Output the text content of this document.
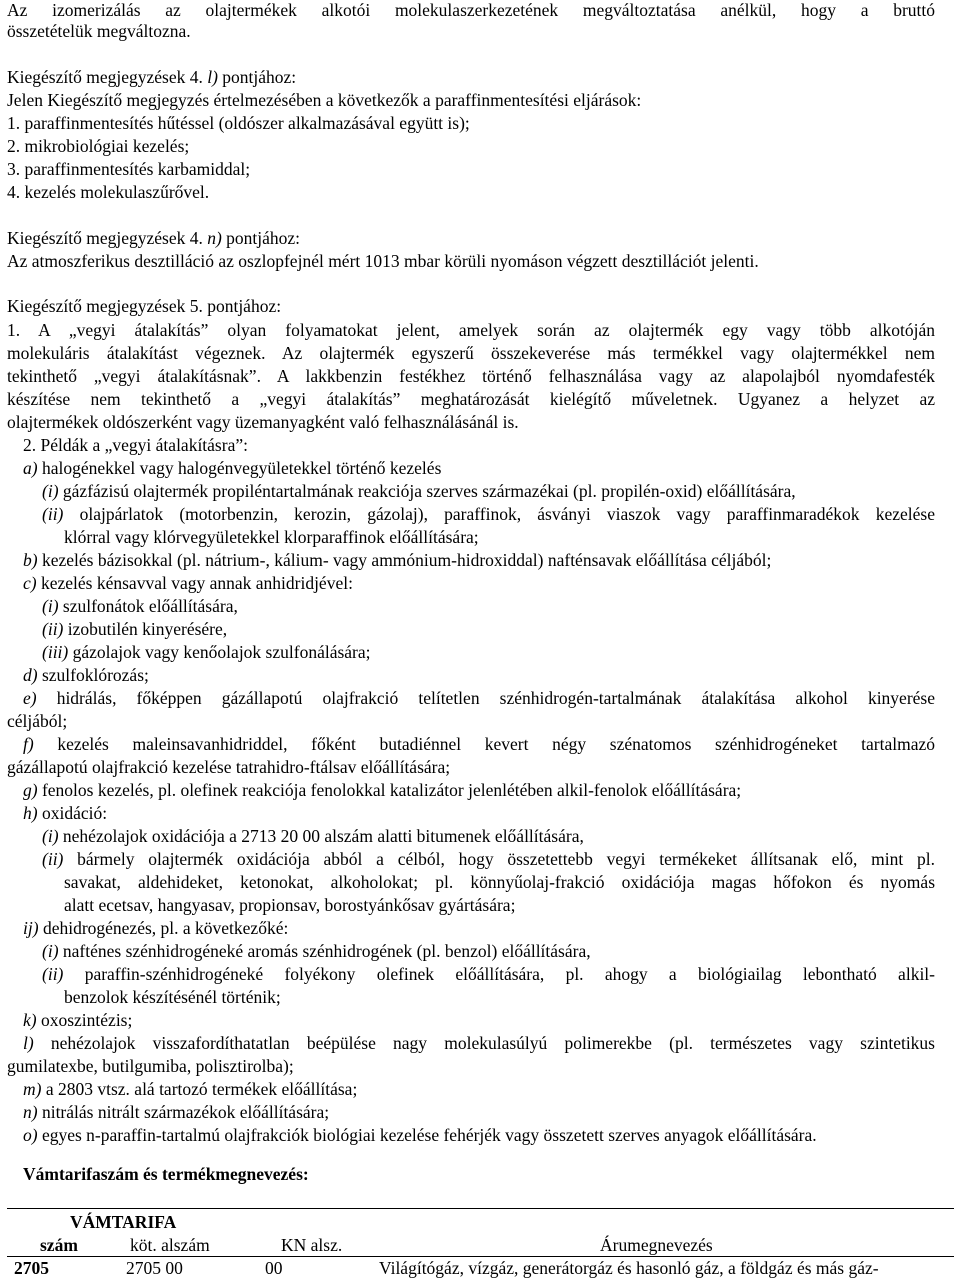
Az izomerizálás az olajtermékek alkotói molekulaszerkezetének megváltoztatása anélkül, hogy a bruttó
összetételük megváltozna.
Kiegészítő megjegyzések 4. l) pontjához:
Jelen Kiegészítő megjegyzés értelmezésében a következők a paraffinmentesítési eljárások:
1. paraffinmentesítés hűtéssel (oldószer alkalmazásával együtt is);
2. mikrobiológiai kezelés;
3. paraffinmentesítés karbamiddal;
4. kezelés molekulaszűrővel.
Kiegészítő megjegyzések 4. n) pontjához:
Az atmoszferikus desztilláció az oszlopfejnél mért 1013 mbar körüli nyomáson végzett desztillációt jelenti.
Kiegészítő megjegyzések 5. pontjához:
1. A „vegyi átalakítás” olyan folyamatokat jelent, amelyek során az olajtermék egy vagy több alkotóján
molekuláris átalakítást végeznek. Az olajtermék egyszerű összekeverése más termékkel vagy olajtermékkel nem
tekinthető „vegyi átalakításnak”. A lakkbenzin festékhez történő felhasználása vagy az alapolajból nyomdafesték
készítése nem tekinthető a „vegyi átalakítás” meghatározását kielégítő műveletnek. Ugyanez a helyzet az
olajtermékek oldószerként vagy üzemanyagként való felhasználásánál is.
2. Példák a „vegyi átalakításra”:
a) halogénekkel vagy halogénvegyületekkel történő kezelés
(i) gázfázisú olajtermék propiléntartalmának reakciója szerves származékai (pl. propilén-oxid) előállítására,
(ii) olajpárlatok (motorbenzin, kerozin, gázolaj), paraffinok, ásványi viaszok vagy paraffinmaradékok kezelése
klórral vagy klórvegyületekkel klorparaffinok előállítására;
b) kezelés bázisokkal (pl. nátrium-, kálium- vagy ammónium-hidroxiddal) nafténsavak előállítása céljából;
c) kezelés kénsavval vagy annak anhidridjével:
(i) szulfonátok előállítására,
(ii) izobutilén kinyerésére,
(iii) gázolajok vagy kenőolajok szulfonálására;
d) szulfoklórozás;
e) hidrálás, főképpen gázállapotú olajfrakció telítetlen szénhidrogén-tartalmának átalakítása alkohol kinyerése
céljából;
f) kezelés maleinsavanhidriddel, főként butadiénnel kevert négy szénatomos szénhidrogéneket tartalmazó
gázállapotú olajfrakció kezelése tatrahidro-ftálsav előállítására;
g) fenolos kezelés, pl. olefinek reakciója fenolokkal katalizátor jelenlétében alkil-fenolok előállítására;
h) oxidáció:
(i) nehézolajok oxidációja a 2713 20 00 alszám alatti bitumenek előállítására,
(ii) bármely olajtermék oxidációja abból a célból, hogy összetettebb vegyi termékeket állítsanak elő, mint pl.
savakat, aldehideket, ketonokat, alkoholokat; pl. könnyűolaj-frakció oxidációja magas hőfokon és nyomás
alatt ecetsav, hangyasav, propionsav, borostyánkősav gyártására;
ij) dehidrogénezés, pl. a következőké:
(i) nafténes szénhidrogéneké aromás szénhidrogének (pl. benzol) előállítására,
(ii) paraffin-szénhidrogéneké folyékony olefinek előállítására, pl. ahogy a biológiailag lebontható alkil-
benzolok készítésénél történik;
k) oxoszintézis;
l) nehézolajok visszafordíthatatlan beépülése nagy molekulasúlyú polimerekbe (pl. természetes vagy szintetikus
gumilatexbe, butilgumiba, polisztirolba);
m) a 2803 vtsz. alá tartozó termékek előállítása;
n) nitrálás nitrált származékok előállítására;
o) egyes n-paraffin-tartalmú olajfrakciók biológiai kezelése fehérjék vagy összetett szerves anyagok előállítására.
Vámtarifaszám és termékmegnevezés:
VÁMTARIFA
szám	köt. alszám	KN alsz.	Árumegnevezés
2705	2705 00	00	Világítógáz, vízgáz, generátorgáz és hasonló gáz, a földgáz és más gáz-
